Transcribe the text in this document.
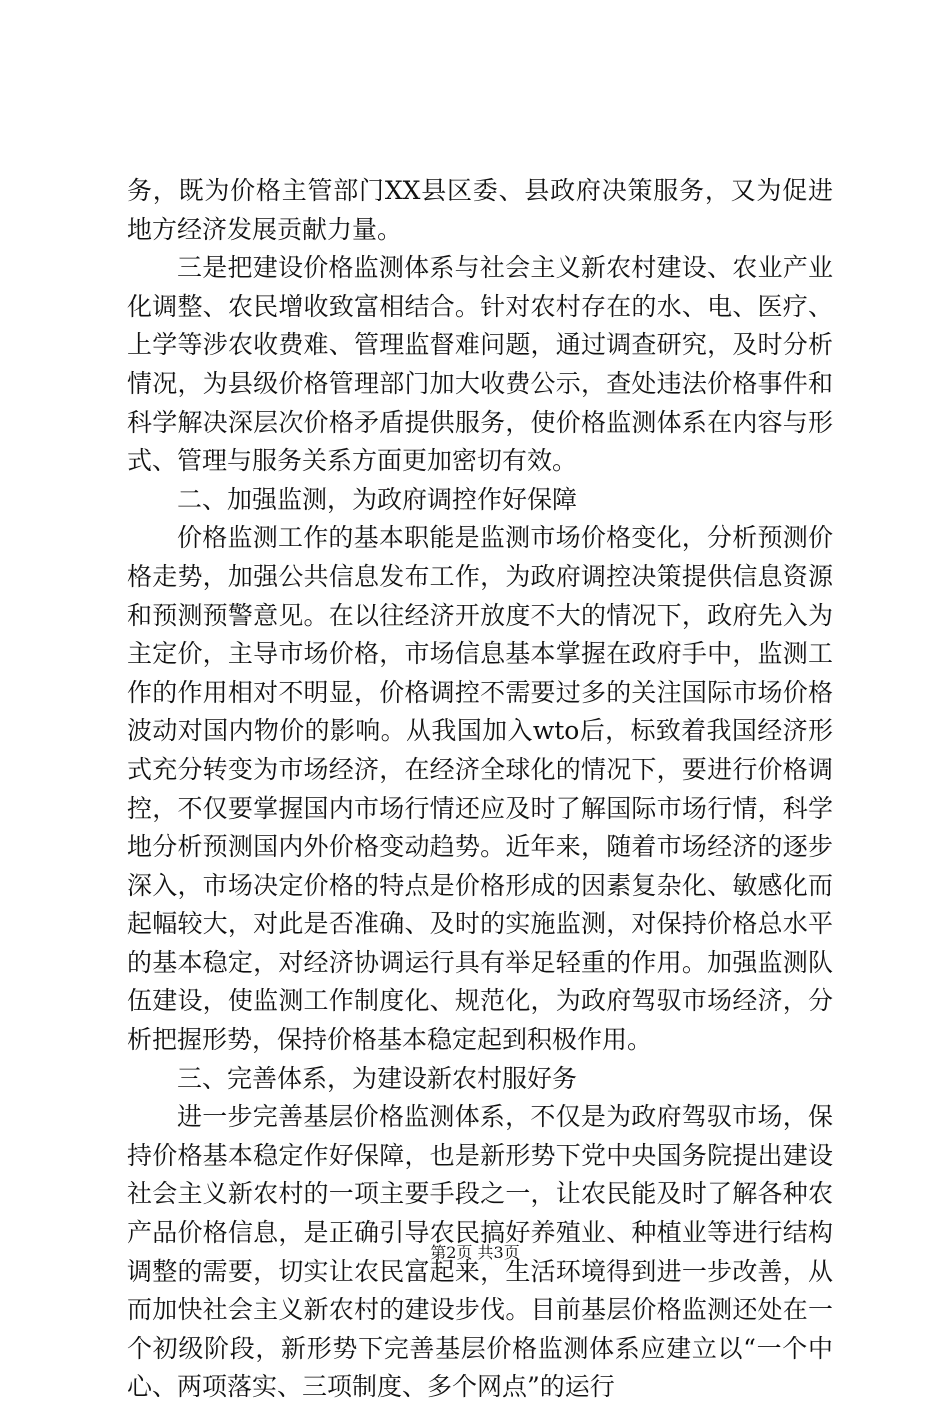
务，既为价格主管部门XX县区委、县政府决策服务，又为促进地方经济发展贡献力量。

三是把建设价格监测体系与社会主义新农村建设、农业产业化调整、农民增收致富相结合。针对农村存在的水、电、医疗、上学等涉农收费难、管理监督难问题，通过调查研究，及时分析情况，为县级价格管理部门加大收费公示，查处违法价格事件和科学解决深层次价格矛盾提供服务，使价格监测体系在内容与形式、管理与服务关系方面更加密切有效。

二、加强监测，为政府调控作好保障

价格监测工作的基本职能是监测市场价格变化，分析预测价格走势，加强公共信息发布工作，为政府调控决策提供信息资源和预测预警意见。在以往经济开放度不大的情况下，政府先入为主定价，主导市场价格，市场信息基本掌握在政府手中，监测工作的作用相对不明显，价格调控不需要过多的关注国际市场价格波动对国内物价的影响。从我国加入wto后，标致着我国经济形式充分转变为市场经济，在经济全球化的情况下，要进行价格调控，不仅要掌握国内市场行情还应及时了解国际市场行情，科学地分析预测国内外价格变动趋势。近年来，随着市场经济的逐步深入，市场决定价格的特点是价格形成的因素复杂化、敏感化而起幅较大，对此是否准确、及时的实施监测，对保持价格总水平的基本稳定，对经济协调运行具有举足轻重的作用。加强监测队伍建设，使监测工作制度化、规范化，为政府驾驭市场经济，分析把握形势，保持价格基本稳定起到积极作用。

三、完善体系，为建设新农村服好务

进一步完善基层价格监测体系，不仅是为政府驾驭市场，保持价格基本稳定作好保障，也是新形势下党中央国务院提出建设社会主义新农村的一项主要手段之一，让农民能及时了解各种农产品价格信息，是正确引导农民搞好养殖业、种植业等进行结构调整的需要，切实让农民富起来，生活环境得到进一步改善，从而加快社会主义新农村的建设步伐。目前基层价格监测还处在一个初级阶段，新形势下完善基层价格监测体系应建立以“一个中心、两项落实、三项制度、多个网点”的运行

第2页 共3页
